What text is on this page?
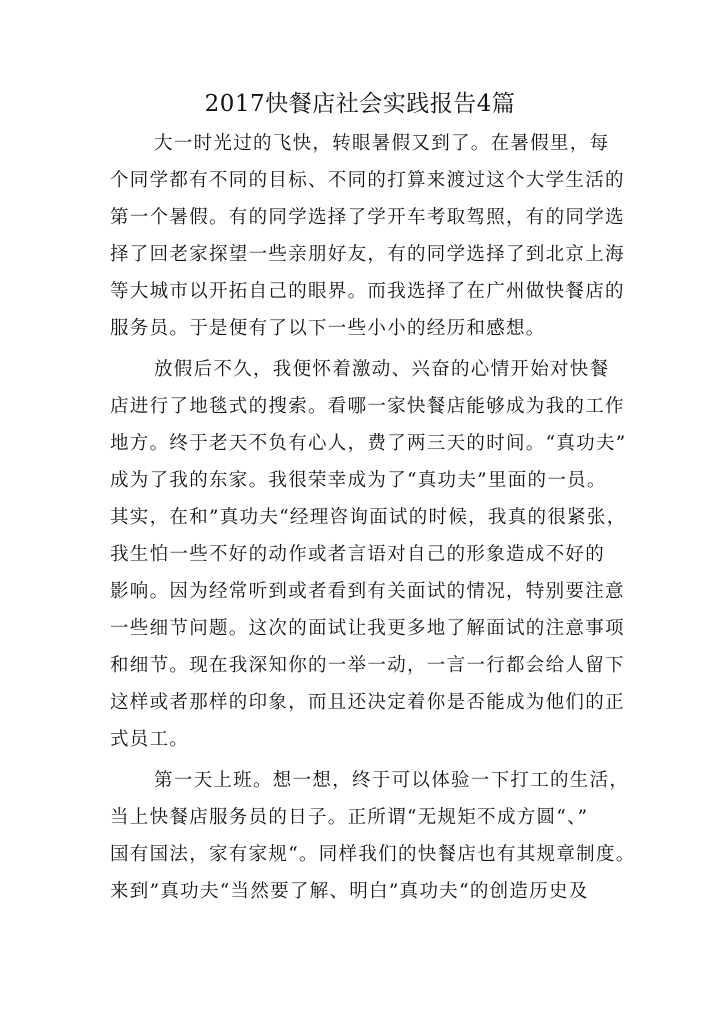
2017快餐店社会实践报告4篇
大一时光过的飞快，转眼暑假又到了。在暑假里，每
个同学都有不同的目标、不同的打算来渡过这个大学生活的
第一个暑假。有的同学选择了学开车考取驾照，有的同学选
择了回老家探望一些亲朋好友，有的同学选择了到北京上海
等大城市以开拓自己的眼界。而我选择了在广州做快餐店的
服务员。于是便有了以下一些小小的经历和感想。
放假后不久，我便怀着激动、兴奋的心情开始对快餐
店进行了地毯式的搜索。看哪一家快餐店能够成为我的工作
地方。终于老天不负有心人，费了两三天的时间。“真功夫”
成为了我的东家。我很荣幸成为了“真功夫”里面的一员。
其实，在和”真功夫“经理咨询面试的时候，我真的很紧张，
我生怕一些不好的动作或者言语对自己的形象造成不好的
影响。因为经常听到或者看到有关面试的情况，特别要注意
一些细节问题。这次的面试让我更多地了解面试的注意事项
和细节。现在我深知你的一举一动，一言一行都会给人留下
这样或者那样的印象，而且还决定着你是否能成为他们的正
式员工。
第一天上班。想一想，终于可以体验一下打工的生活，
当上快餐店服务员的日子。正所谓“无规矩不成方圆“、”
国有国法，家有家规“。同样我们的快餐店也有其规章制度。
来到”真功夫“当然要了解、明白”真功夫“的创造历史及
